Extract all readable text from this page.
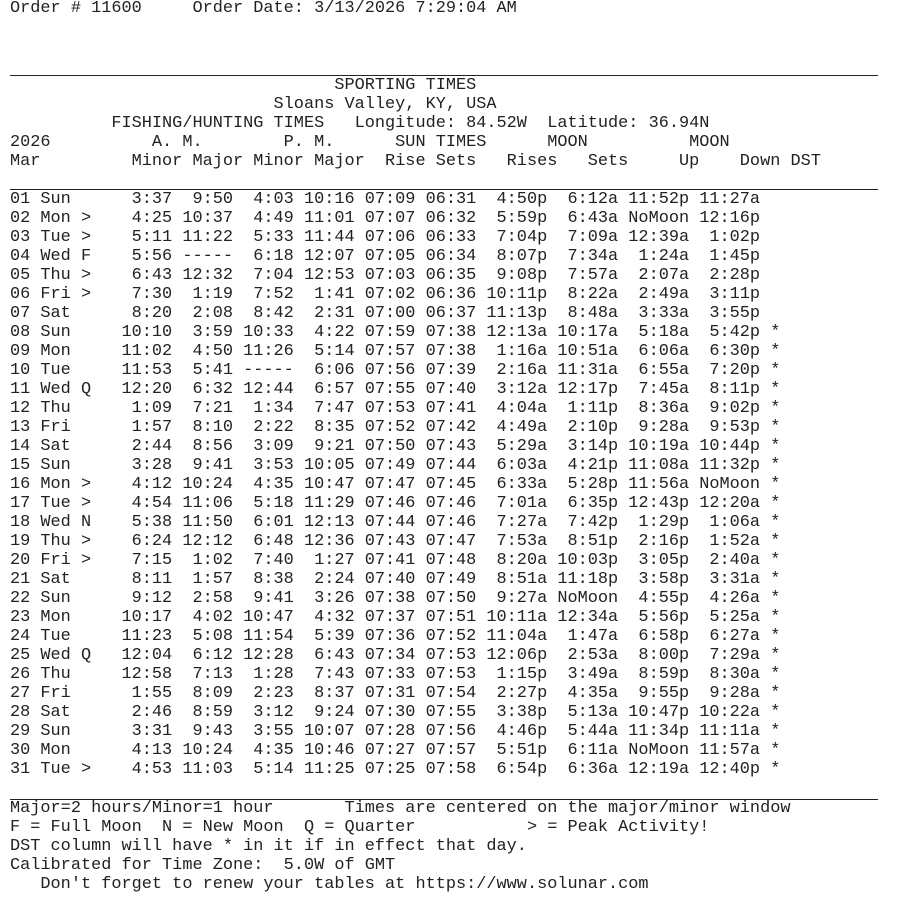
Order # 11600     Order Date: 3/13/2026 7:29:04 AM
SPORTING TIMES
Sloans Valley, KY, USA
FISHING/HUNTING TIMES   Longitude: 84.52W  Latitude: 36.94N
2026          A. M.        P. M.      SUN TIMES      MOON          MOON
Mar         Minor Major Minor Major  Rise Sets   Rises   Sets     Up    Down DST
01 Sun      3:37  9:50  4:03 10:16 07:09 06:31  4:50p  6:12a 11:52p 11:27a
02 Mon >    4:25 10:37  4:49 11:01 07:07 06:32  5:59p  6:43a NoMoon 12:16p
03 Tue >    5:11 11:22  5:33 11:44 07:06 06:33  7:04p  7:09a 12:39a  1:02p
04 Wed F    5:56 -----  6:18 12:07 07:05 06:34  8:07p  7:34a  1:24a  1:45p
05 Thu >    6:43 12:32  7:04 12:53 07:03 06:35  9:08p  7:57a  2:07a  2:28p
06 Fri >    7:30  1:19  7:52  1:41 07:02 06:36 10:11p  8:22a  2:49a  3:11p
07 Sat      8:20  2:08  8:42  2:31 07:00 06:37 11:13p  8:48a  3:33a  3:55p
08 Sun     10:10  3:59 10:33  4:22 07:59 07:38 12:13a 10:17a  5:18a  5:42p *
09 Mon     11:02  4:50 11:26  5:14 07:57 07:38  1:16a 10:51a  6:06a  6:30p *
10 Tue     11:53  5:41 -----  6:06 07:56 07:39  2:16a 11:31a  6:55a  7:20p *
11 Wed Q   12:20  6:32 12:44  6:57 07:55 07:40  3:12a 12:17p  7:45a  8:11p *
12 Thu      1:09  7:21  1:34  7:47 07:53 07:41  4:04a  1:11p  8:36a  9:02p *
13 Fri      1:57  8:10  2:22  8:35 07:52 07:42  4:49a  2:10p  9:28a  9:53p *
14 Sat      2:44  8:56  3:09  9:21 07:50 07:43  5:29a  3:14p 10:19a 10:44p *
15 Sun      3:28  9:41  3:53 10:05 07:49 07:44  6:03a  4:21p 11:08a 11:32p *
16 Mon >    4:12 10:24  4:35 10:47 07:47 07:45  6:33a  5:28p 11:56a NoMoon *
17 Tue >    4:54 11:06  5:18 11:29 07:46 07:46  7:01a  6:35p 12:43p 12:20a *
18 Wed N    5:38 11:50  6:01 12:13 07:44 07:46  7:27a  7:42p  1:29p  1:06a *
19 Thu >    6:24 12:12  6:48 12:36 07:43 07:47  7:53a  8:51p  2:16p  1:52a *
20 Fri >    7:15  1:02  7:40  1:27 07:41 07:48  8:20a 10:03p  3:05p  2:40a *
21 Sat      8:11  1:57  8:38  2:24 07:40 07:49  8:51a 11:18p  3:58p  3:31a *
22 Sun      9:12  2:58  9:41  3:26 07:38 07:50  9:27a NoMoon  4:55p  4:26a *
23 Mon     10:17  4:02 10:47  4:32 07:37 07:51 10:11a 12:34a  5:56p  5:25a *
24 Tue     11:23  5:08 11:54  5:39 07:36 07:52 11:04a  1:47a  6:58p  6:27a *
25 Wed Q   12:04  6:12 12:28  6:43 07:34 07:53 12:06p  2:53a  8:00p  7:29a *
26 Thu     12:58  7:13  1:28  7:43 07:33 07:53  1:15p  3:49a  8:59p  8:30a *
27 Fri      1:55  8:09  2:23  8:37 07:31 07:54  2:27p  4:35a  9:55p  9:28a *
28 Sat      2:46  8:59  3:12  9:24 07:30 07:55  3:38p  5:13a 10:47p 10:22a *
29 Sun      3:31  9:43  3:55 10:07 07:28 07:56  4:46p  5:44a 11:34p 11:11a *
30 Mon      4:13 10:24  4:35 10:46 07:27 07:57  5:51p  6:11a NoMoon 11:57a *
31 Tue >    4:53 11:03  5:14 11:25 07:25 07:58  6:54p  6:36a 12:19a 12:40p *
Major=2 hours/Minor=1 hour       Times are centered on the major/minor window
F = Full Moon  N = New Moon  Q = Quarter           > = Peak Activity!
DST column will have * in it if in effect that day.
Calibrated for Time Zone:  5.0W of GMT
Don't forget to renew your tables at https://www.solunar.com
